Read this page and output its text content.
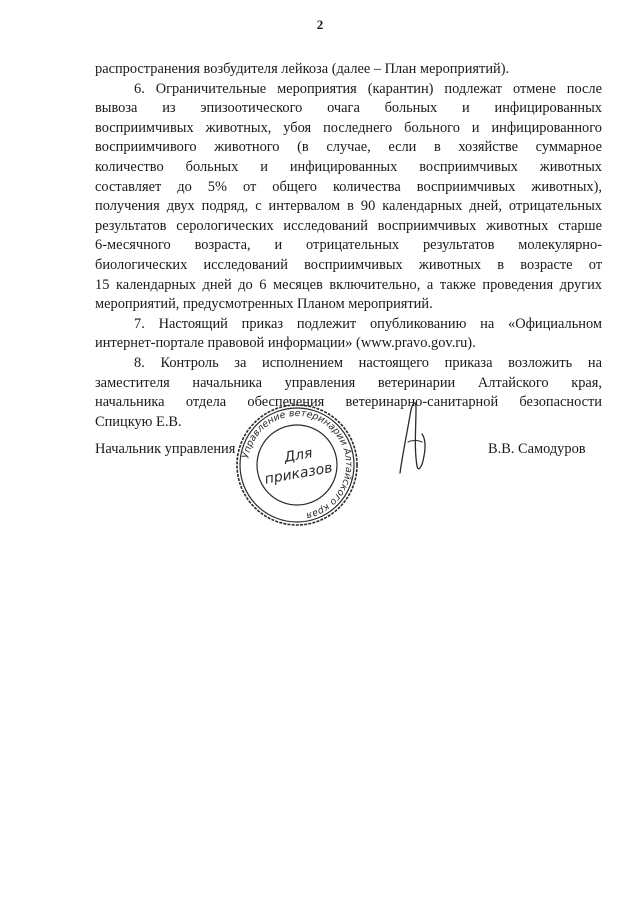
2
распространения возбудителя лейкоза (далее – План мероприятий).
6. Ограничительные мероприятия (карантин) подлежат отмене после
вывоза из эпизоотического очага больных и инфицированных
восприимчивых животных, убоя последнего больного и инфицированного
восприимчивого животного (в случае, если в хозяйстве суммарное
количество больных и инфицированных восприимчивых животных
составляет до 5% от общего количества восприимчивых животных),
получения двух подряд, с интервалом в 90 календарных дней, отрицательных
результатов серологических исследований восприимчивых животных старше
6-месячного возраста, и отрицательных результатов молекулярно-
биологических исследований восприимчивых животных в возрасте от
15 календарных дней до 6 месяцев включительно, а также проведения других
мероприятий, предусмотренных Планом мероприятий.
7. Настоящий приказ подлежит опубликованию на «Официальном
интернет-портале правовой информации» (www.pravo.gov.ru).
8. Контроль за исполнением настоящего приказа возложить на
заместителя начальника управления ветеринарии Алтайского края,
начальника отдела обеспечения ветеринарно-санитарной безопасности
Спицкую Е.В.
Начальник управления Управление ветеринарии Алтайского края
Для
приказов
В.В. Самодуров
